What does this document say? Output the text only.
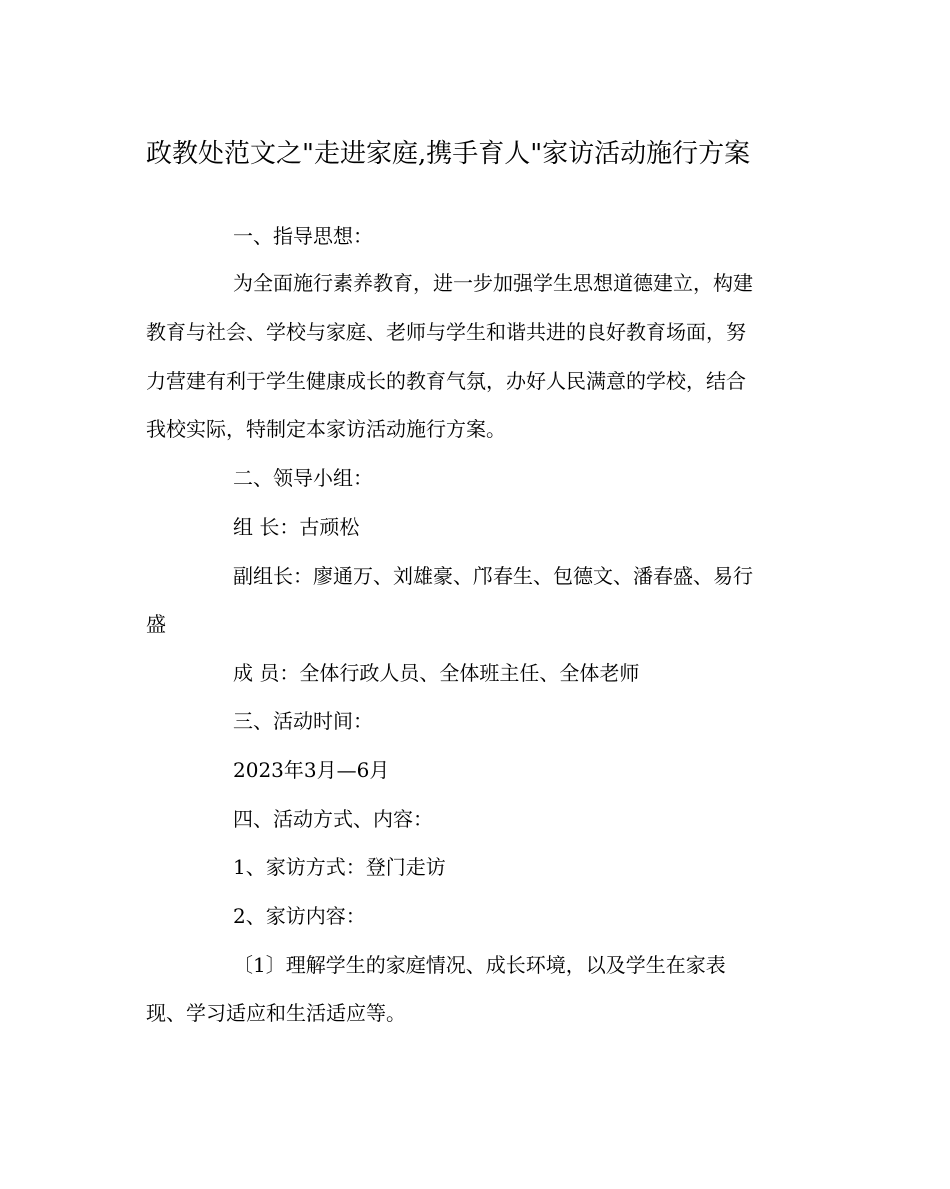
政教处范文之"走进家庭,携手育人"家访活动施行方案
一、指导思想：
为全面施行素养教育，进一步加强学生思想道德建立，构建
教育与社会、学校与家庭、老师与学生和谐共进的良好教育场面，努
力营建有利于学生健康成长的教育气氛，办好人民满意的学校，结合
我校实际，特制定本家访活动施行方案。
二、领导小组：
组 长：古顽松
副组长：廖通万、刘雄豪、邝春生、包德文、潘春盛、易行
盛
成 员：全体行政人员、全体班主任、全体老师
三、活动时间：
2023年3月—6月
四、活动方式、内容：
1、家访方式：登门走访
2、家访内容：
〔1〕理解学生的家庭情况、成长环境，以及学生在家表
现、学习适应和生活适应等。
